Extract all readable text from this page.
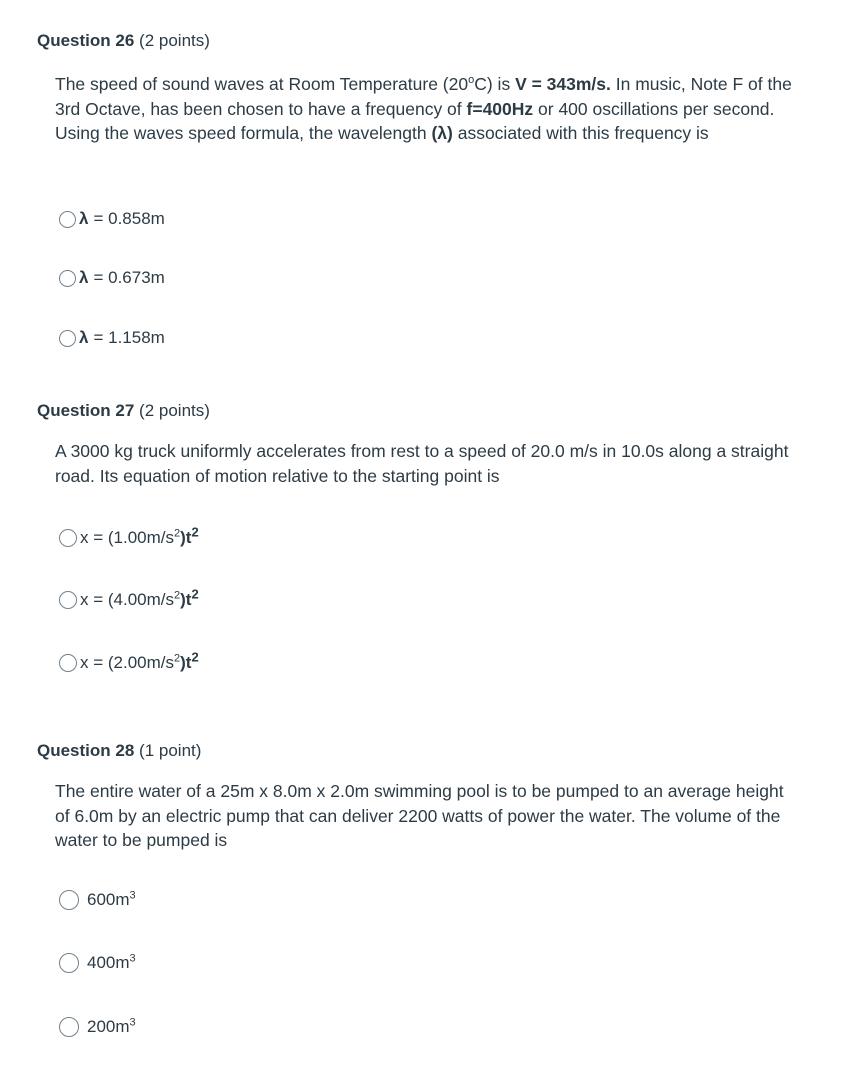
Question 26 (2 points)
The speed of sound waves at Room Temperature (20$^o$C) is V = 343m/s. In music, Note F of the 3rd Octave, has been chosen to have a frequency of f=400Hz or 400 oscillations per second. Using the waves speed formula, the wavelength (λ) associated with this frequency is
λ = 0.858m
λ = 0.673m
λ = 1.158m
Question 27 (2 points)
A 3000 kg truck uniformly accelerates from rest to a speed of 20.0 m/s in 10.0s along a straight road. Its equation of motion relative to the starting point is
$x = (1.00m/s^2)t^2$
$x = (4.00m/s^2)t^2$
$x = (2.00m/s^2)t^2$
Question 28 (1 point)
The entire water of a 25m x 8.0m x 2.0m swimming pool is to be pumped to an average height of 6.0m by an electric pump that can deliver 2200 watts of power the water. The volume of the water to be pumped is
$600m^3$
$400m^3$
$200m^3$
